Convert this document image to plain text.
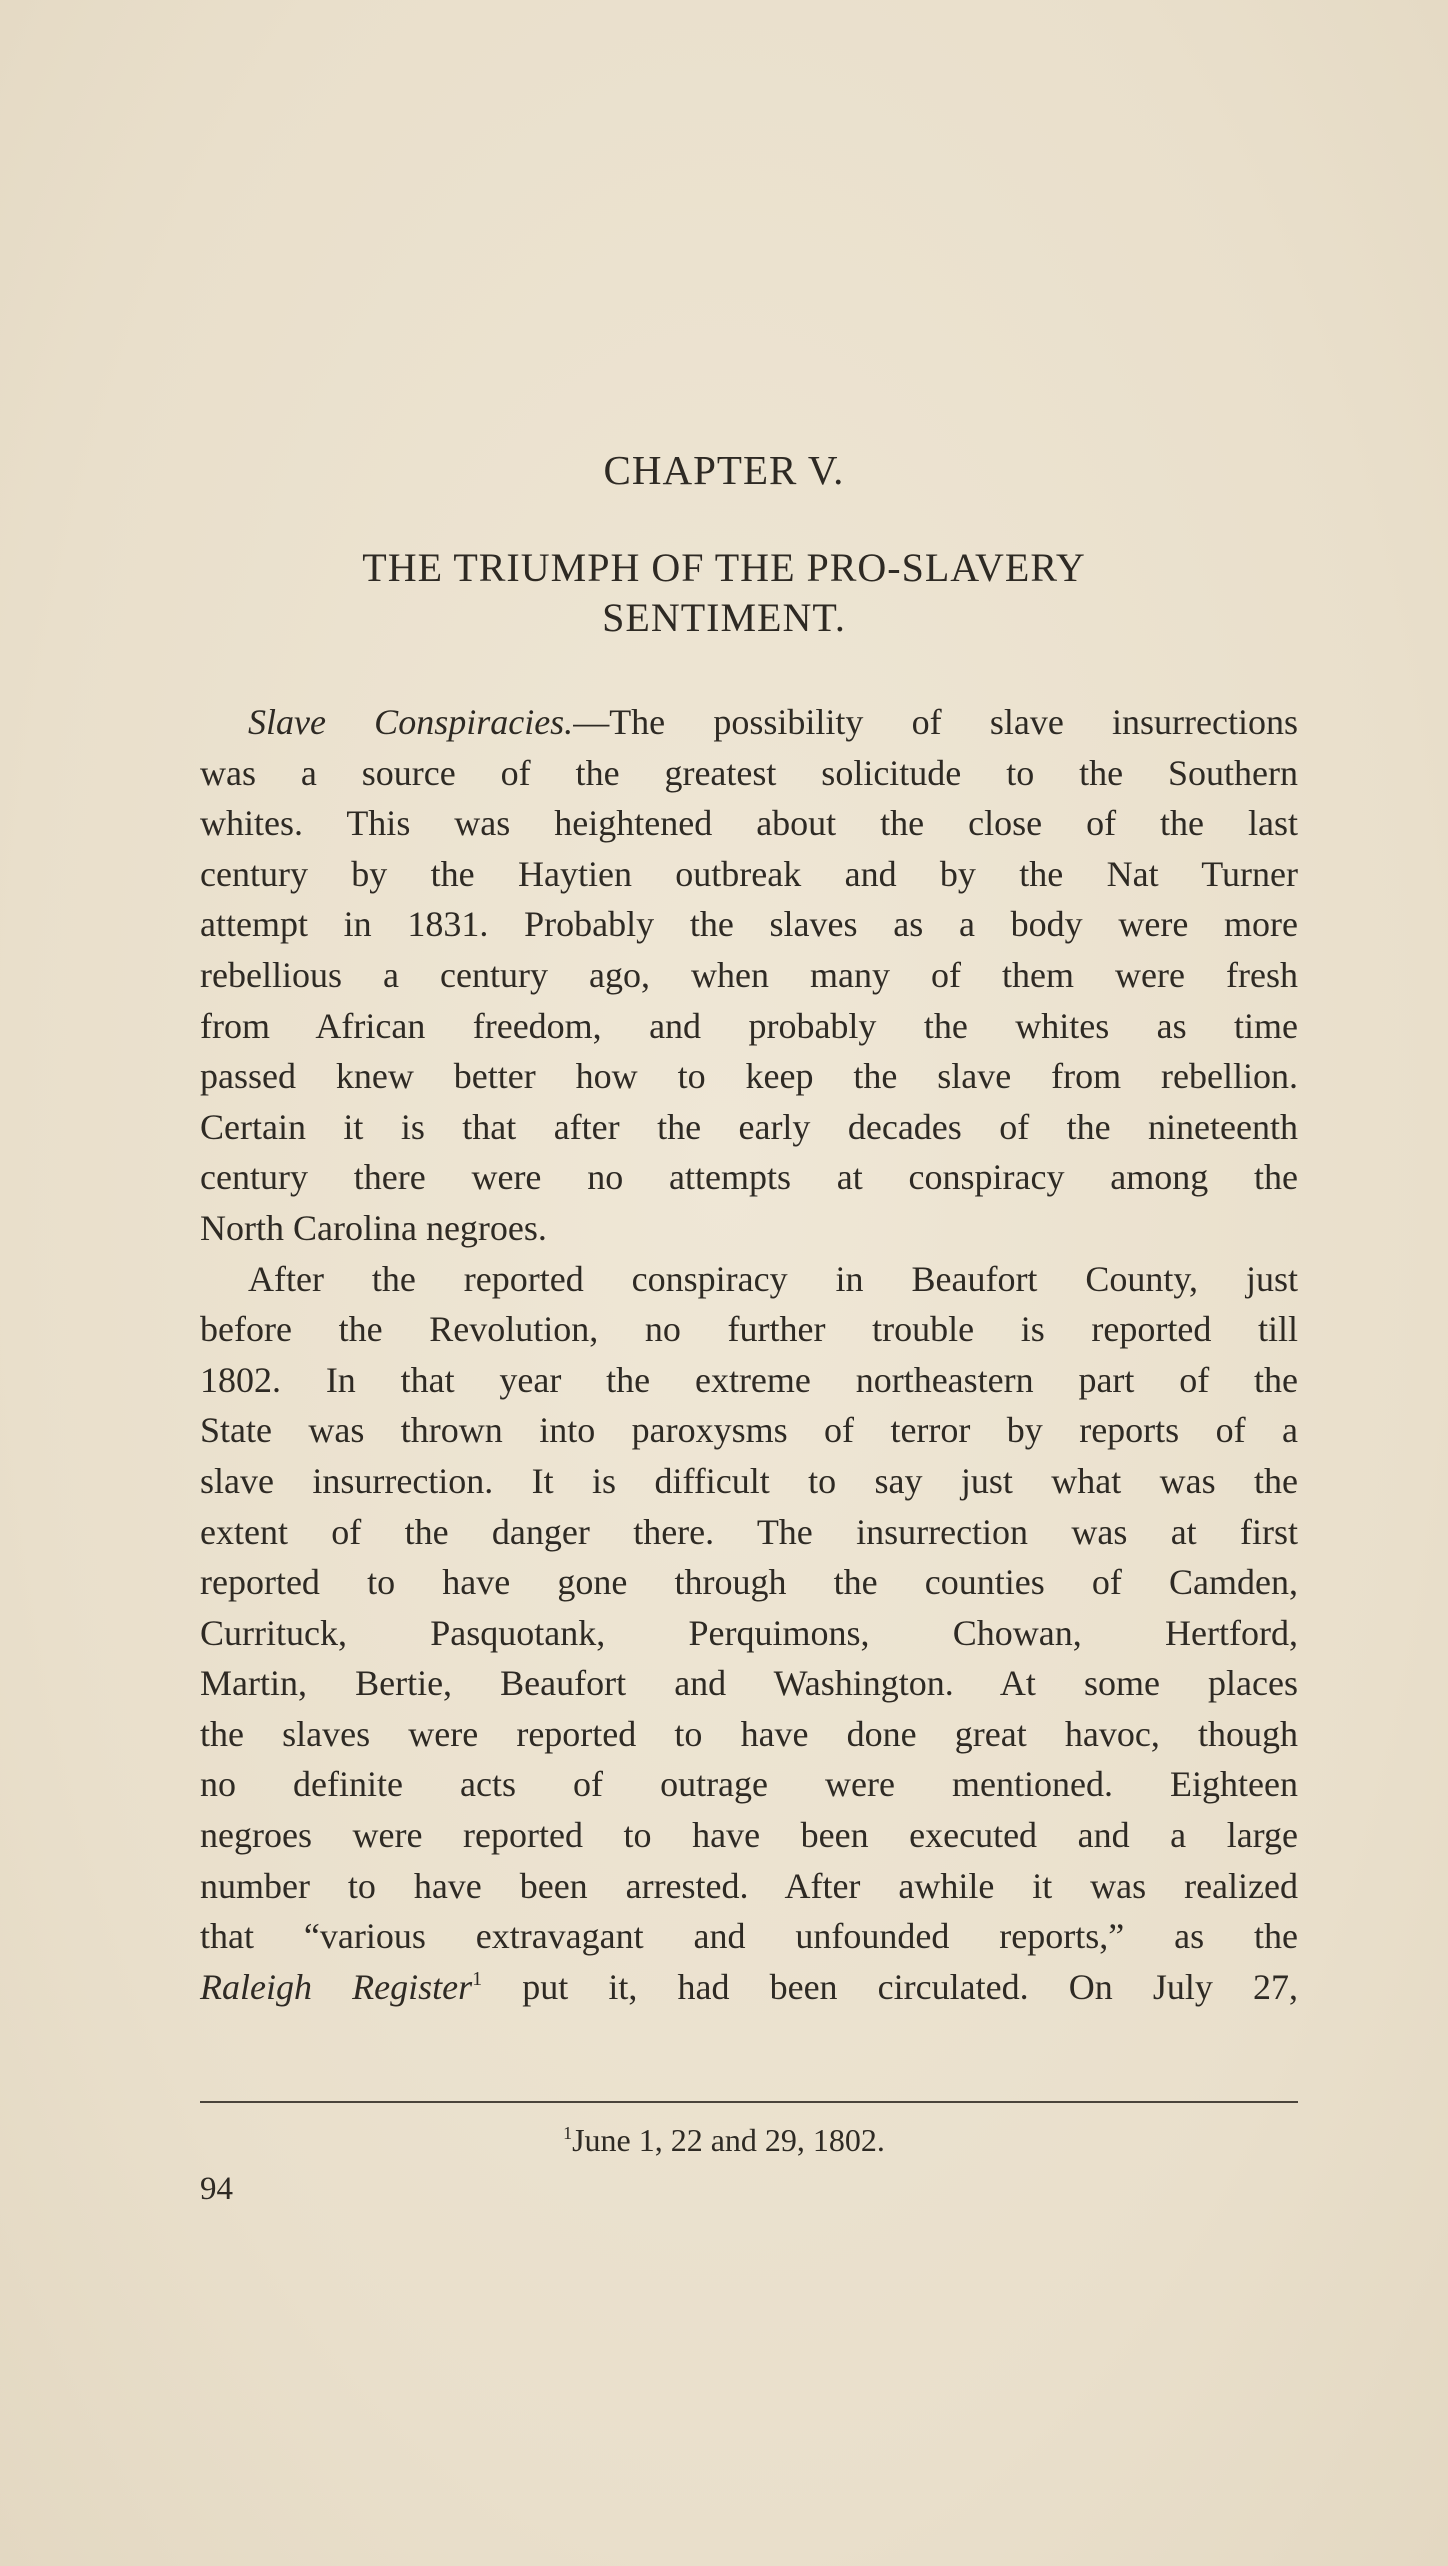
CHAPTER V.
THE TRIUMPH OF THE PRO-SLAVERY
SENTIMENT.
Slave Conspiracies.—The possibility of slave insurrections
was a source of the greatest solicitude to the Southern
whites. This was heightened about the close of the last
century by the Haytien outbreak and by the Nat Turner
attempt in 1831. Probably the slaves as a body were more
rebellious a century ago, when many of them were fresh
from African freedom, and probably the whites as time
passed knew better how to keep the slave from rebellion.
Certain it is that after the early decades of the nineteenth
century there were no attempts at conspiracy among the
North Carolina negroes.
After the reported conspiracy in Beaufort County, just
before the Revolution, no further trouble is reported till
1802. In that year the extreme northeastern part of the
State was thrown into paroxysms of terror by reports of a
slave insurrection. It is difficult to say just what was the
extent of the danger there. The insurrection was at first
reported to have gone through the counties of Camden,
Currituck, Pasquotank, Perquimons, Chowan, Hertford,
Martin, Bertie, Beaufort and Washington. At some places
the slaves were reported to have done great havoc, though
no definite acts of outrage were mentioned. Eighteen
negroes were reported to have been executed and a large
number to have been arrested. After awhile it was realized
that “various extravagant and unfounded reports,” as the
Raleigh Register$^1$ put it, had been circulated. On July 27,
$^1$June 1, 22 and 29, 1802.
94
